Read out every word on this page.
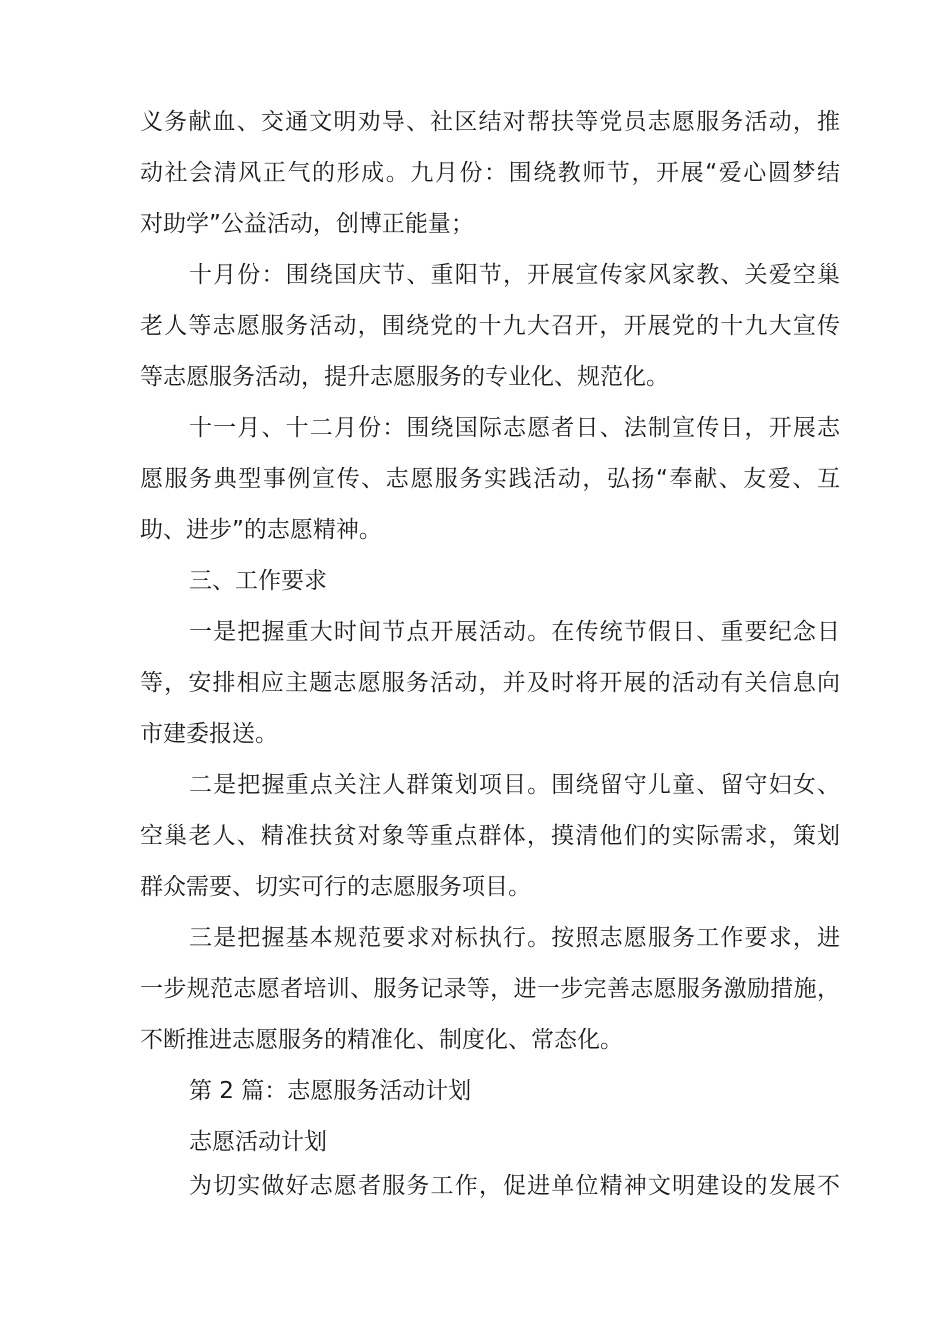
义务献血、交通文明劝导、社区结对帮扶等党员志愿服务活动，推
动社会清风正气的形成。九月份：围绕教师节，开展“爱心圆梦结
对助学”公益活动，创博正能量；
十月份：围绕国庆节、重阳节，开展宣传家风家教、关爱空巢
老人等志愿服务活动，围绕党的十九大召开，开展党的十九大宣传
等志愿服务活动，提升志愿服务的专业化、规范化。
十一月、十二月份：围绕国际志愿者日、法制宣传日，开展志
愿服务典型事例宣传、志愿服务实践活动，弘扬“奉献、友爱、互
助、进步”的志愿精神。
三、工作要求
一是把握重大时间节点开展活动。在传统节假日、重要纪念日
等，安排相应主题志愿服务活动，并及时将开展的活动有关信息向
市建委报送。
二是把握重点关注人群策划项目。围绕留守儿童、留守妇女、
空巢老人、精准扶贫对象等重点群体，摸清他们的实际需求，策划
群众需要、切实可行的志愿服务项目。
三是把握基本规范要求对标执行。按照志愿服务工作要求，进
一步规范志愿者培训、服务记录等，进一步完善志愿服务激励措施，
不断推进志愿服务的精准化、制度化、常态化。
第 2 篇：志愿服务活动计划
志愿活动计划
为切实做好志愿者服务工作，促进单位精神文明建设的发展不
